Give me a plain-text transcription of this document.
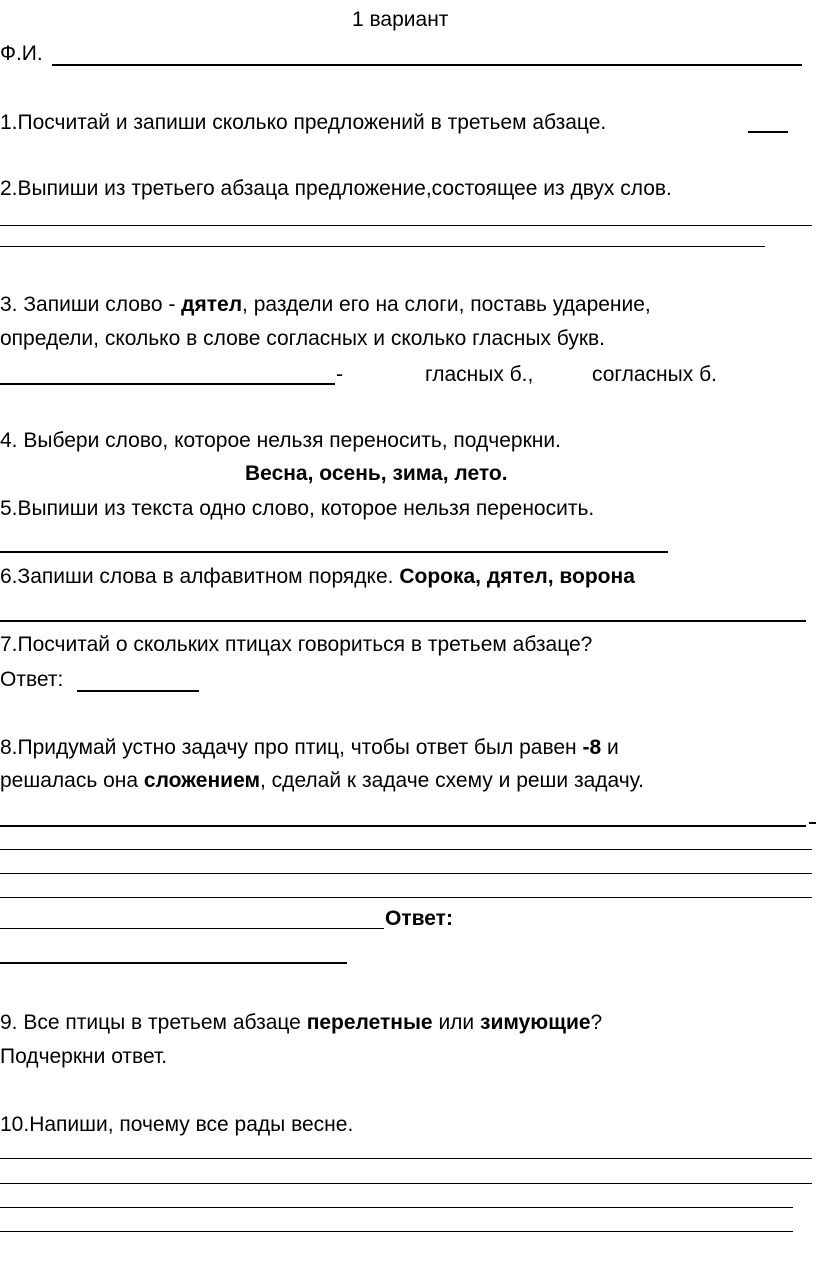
1 вариант
Ф.И.
1.Посчитай и запиши сколько предложений в третьем абзаце.
2.Выпиши из третьего абзаца предложение,состоящее из двух слов.
3. Запиши слово - дятел, раздели его на слоги, поставь ударение,
определи, сколько в слове согласных и сколько гласных букв.
-	гласных б.,	согласных б.
4. Выбери слово, которое нельзя переносить, подчеркни.
Весна, осень, зима, лето.
5.Выпиши из текста одно слово, которое нельзя переносить.
6.Запиши слова в алфавитном порядке. Сорока, дятел, ворона
7.Посчитай о скольких птицах говориться в третьем абзаце?
Ответ:
8.Придумай устно задачу про птиц, чтобы ответ был равен -8 и
решалась она сложением, сделай к задаче схему и реши задачу.
Ответ:
9. Все птицы в третьем абзаце перелетные или зимующие?
Подчеркни ответ.
10.Напиши, почему все рады весне.
